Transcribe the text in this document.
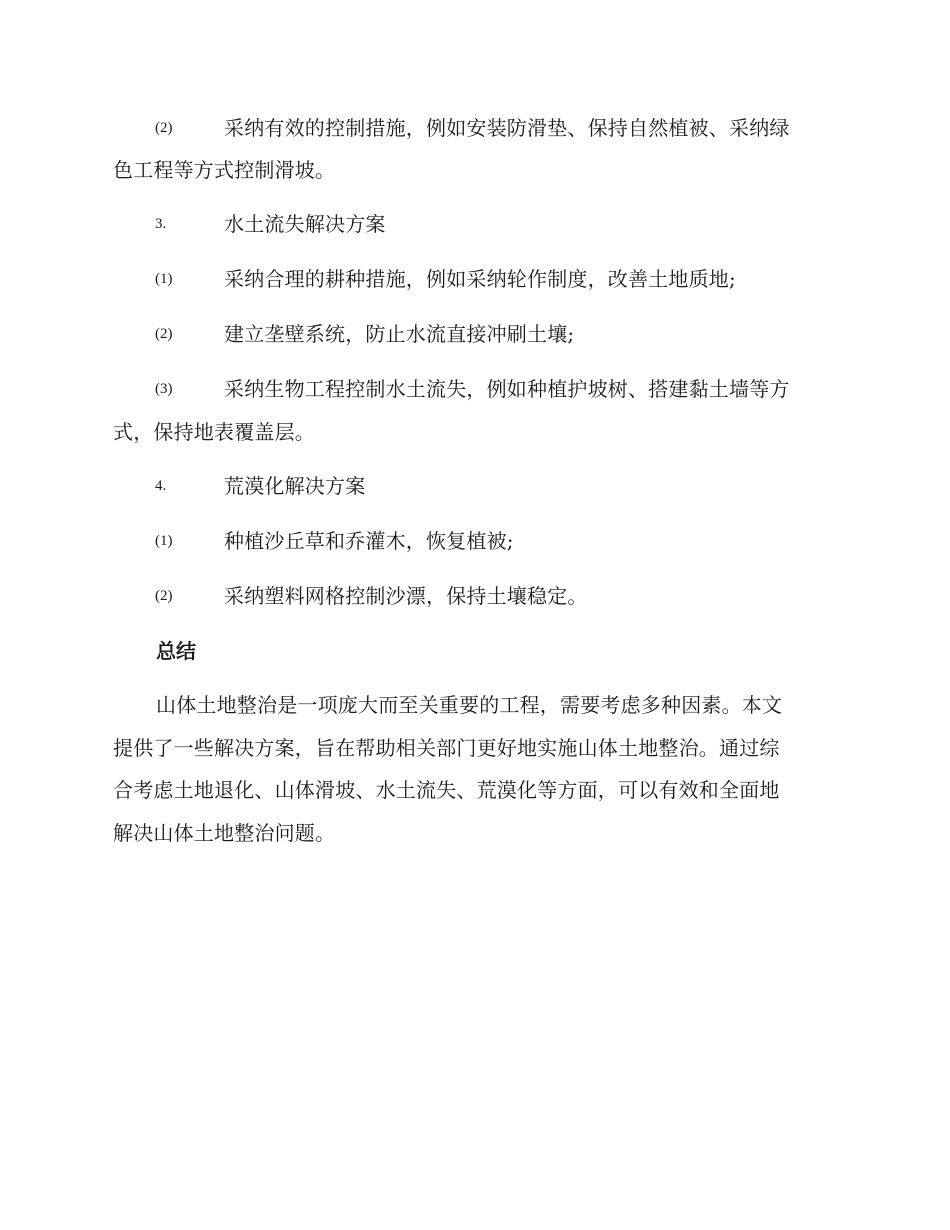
(2)	采纳有效的控制措施，例如安装防滑垫、保持自然植被、采纳绿
色工程等方式控制滑坡。
3.	水土流失解决方案
(1)	采纳合理的耕种措施，例如采纳轮作制度，改善土地质地;
(2)	建立垄壁系统，防止水流直接冲刷土壤;
(3)	采纳生物工程控制水土流失，例如种植护坡树、搭建黏土墙等方
式，保持地表覆盖层。
4.	荒漠化解决方案
(1)	种植沙丘草和乔灌木，恢复植被;
(2)	采纳塑料网格控制沙漂，保持土壤稳定。
总结
山体土地整治是一项庞大而至关重要的工程，需要考虑多种因素。本文
提供了一些解决方案，旨在帮助相关部门更好地实施山体土地整治。通过综
合考虑土地退化、山体滑坡、水土流失、荒漠化等方面，可以有效和全面地
解决山体土地整治问题。
